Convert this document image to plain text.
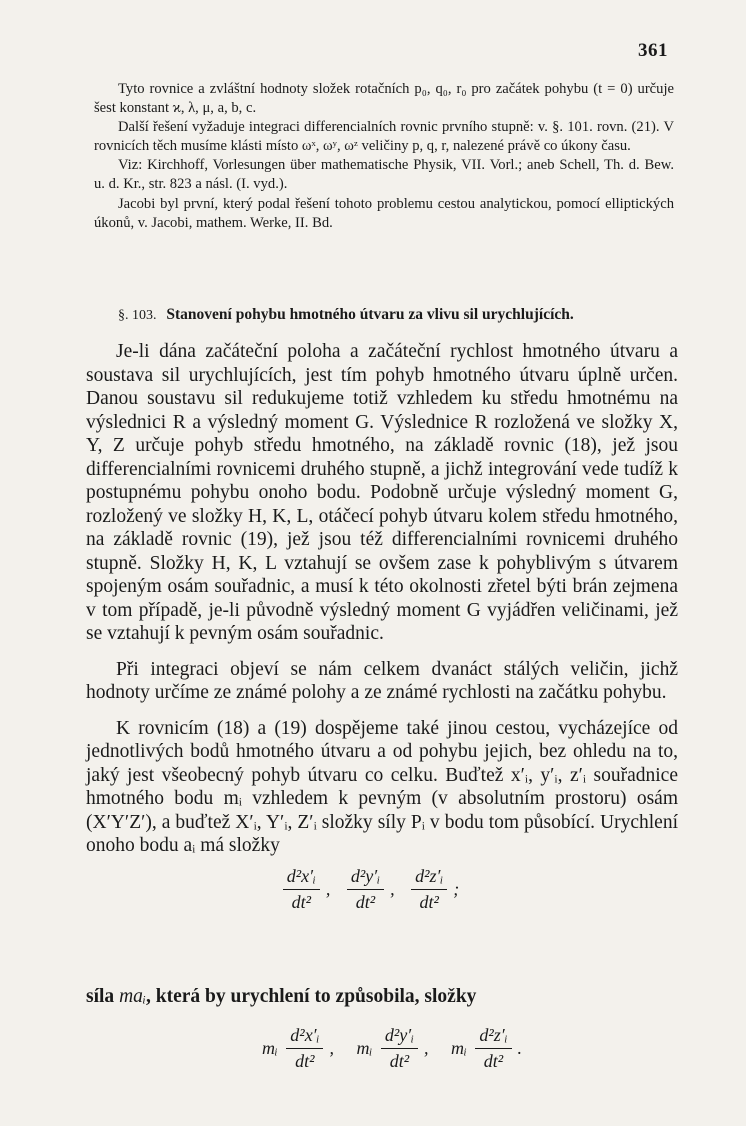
361

Tyto rovnice a zvláštní hodnoty složek rotačních p₀, q₀, r₀ pro začátek pohybu (t = 0) určuje šest konstant ϰ, λ, μ, a, b, c.

Další řešení vyžaduje integraci differencialních rovnic prvního stupně: v. §. 101. rovn. (21). V rovnicích těch musíme klásti místo ωˣ, ωʸ, ωᶻ veličiny p, q, r, nalezené právě co úkony času.

Viz: Kirchhoff, Vorlesungen über mathematische Physik, VII. Vorl.; aneb Schell, Th. d. Bew. u. d. Kr., str. 823 a násl. (I. vyd.).

Jacobi byl první, který podal řešení tohoto problemu cestou analytickou, pomocí elliptických úkonů, v. Jacobi, mathem. Werke, II. Bd.

§. 103. Stanovení pohybu hmotného útvaru za vlivu sil urychlujících.

Je-li dána začáteční poloha a začáteční rychlost hmotného útvaru a soustava sil urychlujících, jest tím pohyb hmotného útvaru úplně určen. Danou soustavu sil redukujeme totiž vzhledem ku středu hmotnému na výslednici R a výsledný moment G. Výslednice R rozložená ve složky X, Y, Z určuje pohyb středu hmotného, na základě rovnic (18), jež jsou differencialními rovnicemi druhého stupně, a jichž integrování vede tudíž k postupnému pohybu onoho bodu. Podobně určuje výsledný moment G, rozložený ve složky H, K, L, otáčecí pohyb útvaru kolem středu hmotného, na základě rovnic (19), jež jsou též differencialními rovnicemi druhého stupně. Složky H, K, L vztahují se ovšem zase k pohyblivým s útvarem spojeným osám souřadnic, a musí k této okolnosti zřetel býti brán zejmena v tom případě, je-li původně výsledný moment G vyjádřen veličinami, jež se vztahují k pevným osám souřadnic.

Při integraci objeví se nám celkem dvanáct stálých veličin, jichž hodnoty určíme ze známé polohy a ze známé rychlosti na začátku pohybu.

K rovnicím (18) a (19) dospějeme také jinou cestou, vycházejíce od jednotlivých bodů hmotného útvaru a od pohybu jejich, bez ohledu na to, jaký jest všeobecný pohyb útvaru co celku. Buďtež x′ᵢ, y′ᵢ, z′ᵢ souřadnice hmotného bodu mᵢ vzhledem k pevným (v absolutním prostoru) osám (X′Y′Z′), a buďtež X′ᵢ, Y′ᵢ, Z′ᵢ složky síly Pᵢ v bodu tom působící. Urychlení onoho bodu aᵢ má složky

$\frac{\text{d²x′ᵢ}}{\text{dt²}}$ , $\frac{\text{d²y′ᵢ}}{\text{dt²}}$ , $\frac{\text{d²z′ᵢ}}{\text{dt²}}$ ;
síla maᵢ, která by urychlení to způsobila, složky
mᵢ $\frac{\text{d²x′ᵢ}}{\text{dt²}}$ , mᵢ $\frac{\text{d²y′ᵢ}}{\text{dt²}}$ , mᵢ $\frac{\text{d²z′ᵢ}}{\text{dt²}}$ .
